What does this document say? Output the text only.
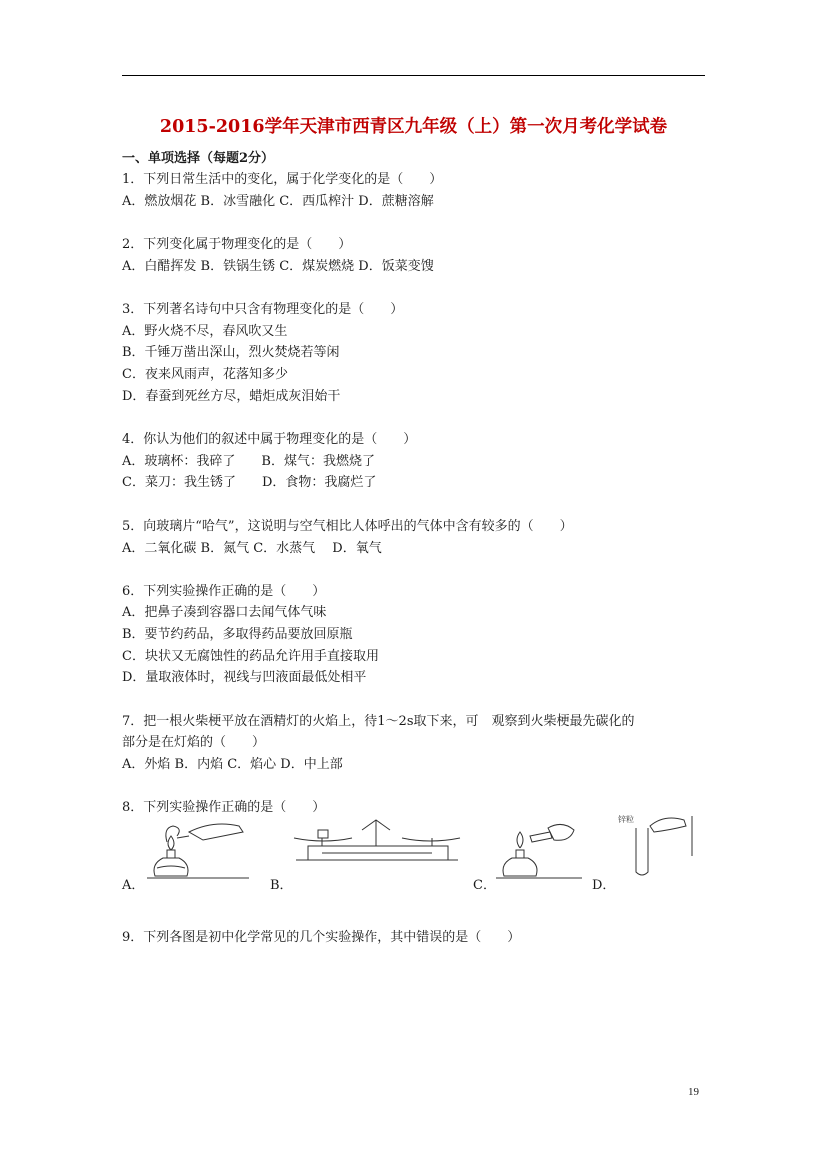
2015-2016学年天津市西青区九年级（上）第一次月考化学试卷
一、单项选择（每题2分）
1．下列日常生活中的变化，属于化学变化的是（　　）
A．燃放烟花 B．冰雪融化 C．西瓜榨汁 D．蔗糖溶解
2．下列变化属于物理变化的是（　　）
A．白醋挥发 B．铁锅生锈 C．煤炭燃烧 D．饭菜变馊
3．下列著名诗句中只含有物理变化的是（　　）
A．野火烧不尽，春风吹又生
B．千锤万凿出深山，烈火焚烧若等闲
C．夜来风雨声，花落知多少
D．春蚕到死丝方尽，蜡炬成灰泪始干
4．你认为他们的叙述中属于物理变化的是（　　）
A．玻璃杯：我碎了　　B．煤气：我燃烧了
C．菜刀：我生锈了　　D．食物：我腐烂了
5．向玻璃片“哈气”，这说明与空气相比人体呼出的气体中含有较多的（　　）
A．二氧化碳 B．氮气 C．水蒸气　 D．氧气
6．下列实验操作正确的是（　　）
A．把鼻子凑到容器口去闻气体气味
B．要节约药品，多取得药品要放回原瓶
C．块状又无腐蚀性的药品允许用手直接取用
D．量取液体时，视线与凹液面最低处相平
7．把一根火柴梗平放在酒精灯的火焰上，待1～2s取下来，可　观察到火柴梗最先碳化的
部分是在灯焰的（　　）
A．外焰 B．内焰 C．焰心 D．中上部
8．下列实验操作正确的是（　　）
A．	B．	C．	D．
锌粒
9．下列各图是初中化学常见的几个实验操作，其中错误的是（　　）
19
